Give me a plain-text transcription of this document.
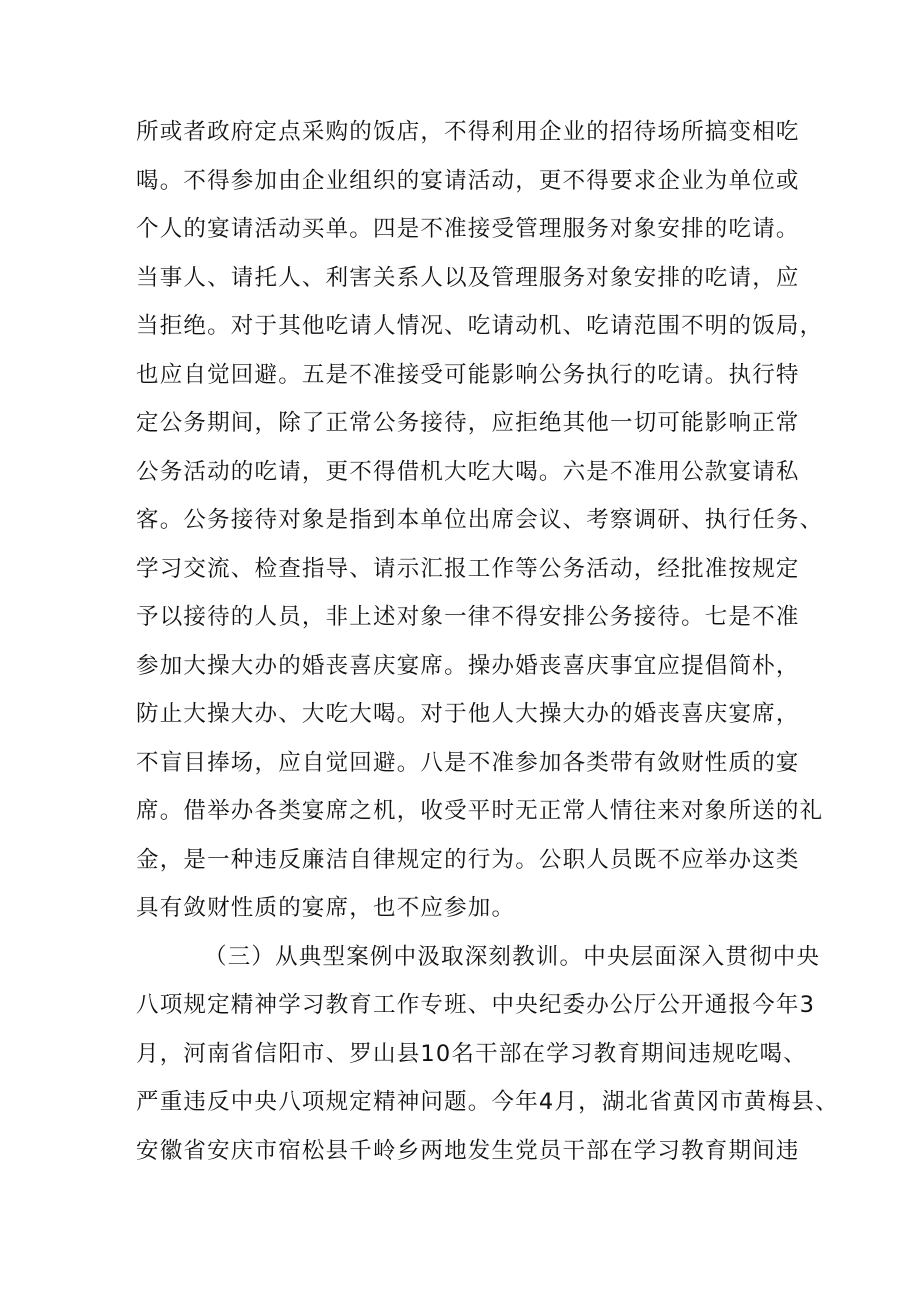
所或者政府定点采购的饭店，不得利用企业的招待场所搞变相吃
喝。不得参加由企业组织的宴请活动，更不得要求企业为单位或
个人的宴请活动买单。四是不准接受管理服务对象安排的吃请。
当事人、请托人、利害关系人以及管理服务对象安排的吃请，应
当拒绝。对于其他吃请人情况、吃请动机、吃请范围不明的饭局，
也应自觉回避。五是不准接受可能影响公务执行的吃请。执行特
定公务期间，除了正常公务接待，应拒绝其他一切可能影响正常
公务活动的吃请，更不得借机大吃大喝。六是不准用公款宴请私
客。公务接待对象是指到本单位出席会议、考察调研、执行任务、
学习交流、检查指导、请示汇报工作等公务活动，经批准按规定
予以接待的人员，非上述对象一律不得安排公务接待。七是不准
参加大操大办的婚丧喜庆宴席。操办婚丧喜庆事宜应提倡简朴，
防止大操大办、大吃大喝。对于他人大操大办的婚丧喜庆宴席，
不盲目捧场，应自觉回避。八是不准参加各类带有敛财性质的宴
席。借举办各类宴席之机，收受平时无正常人情往来对象所送的礼
金，是一种违反廉洁自律规定的行为。公职人员既不应举办这类
具有敛财性质的宴席，也不应参加。
（三）从典型案例中汲取深刻教训。中央层面深入贯彻中央
八项规定精神学习教育工作专班、中央纪委办公厅公开通报今年3
月，河南省信阳市、罗山县10名干部在学习教育期间违规吃喝、
严重违反中央八项规定精神问题。今年4月，湖北省黄冈市黄梅县、
安徽省安庆市宿松县千岭乡两地发生党员干部在学习教育期间违
